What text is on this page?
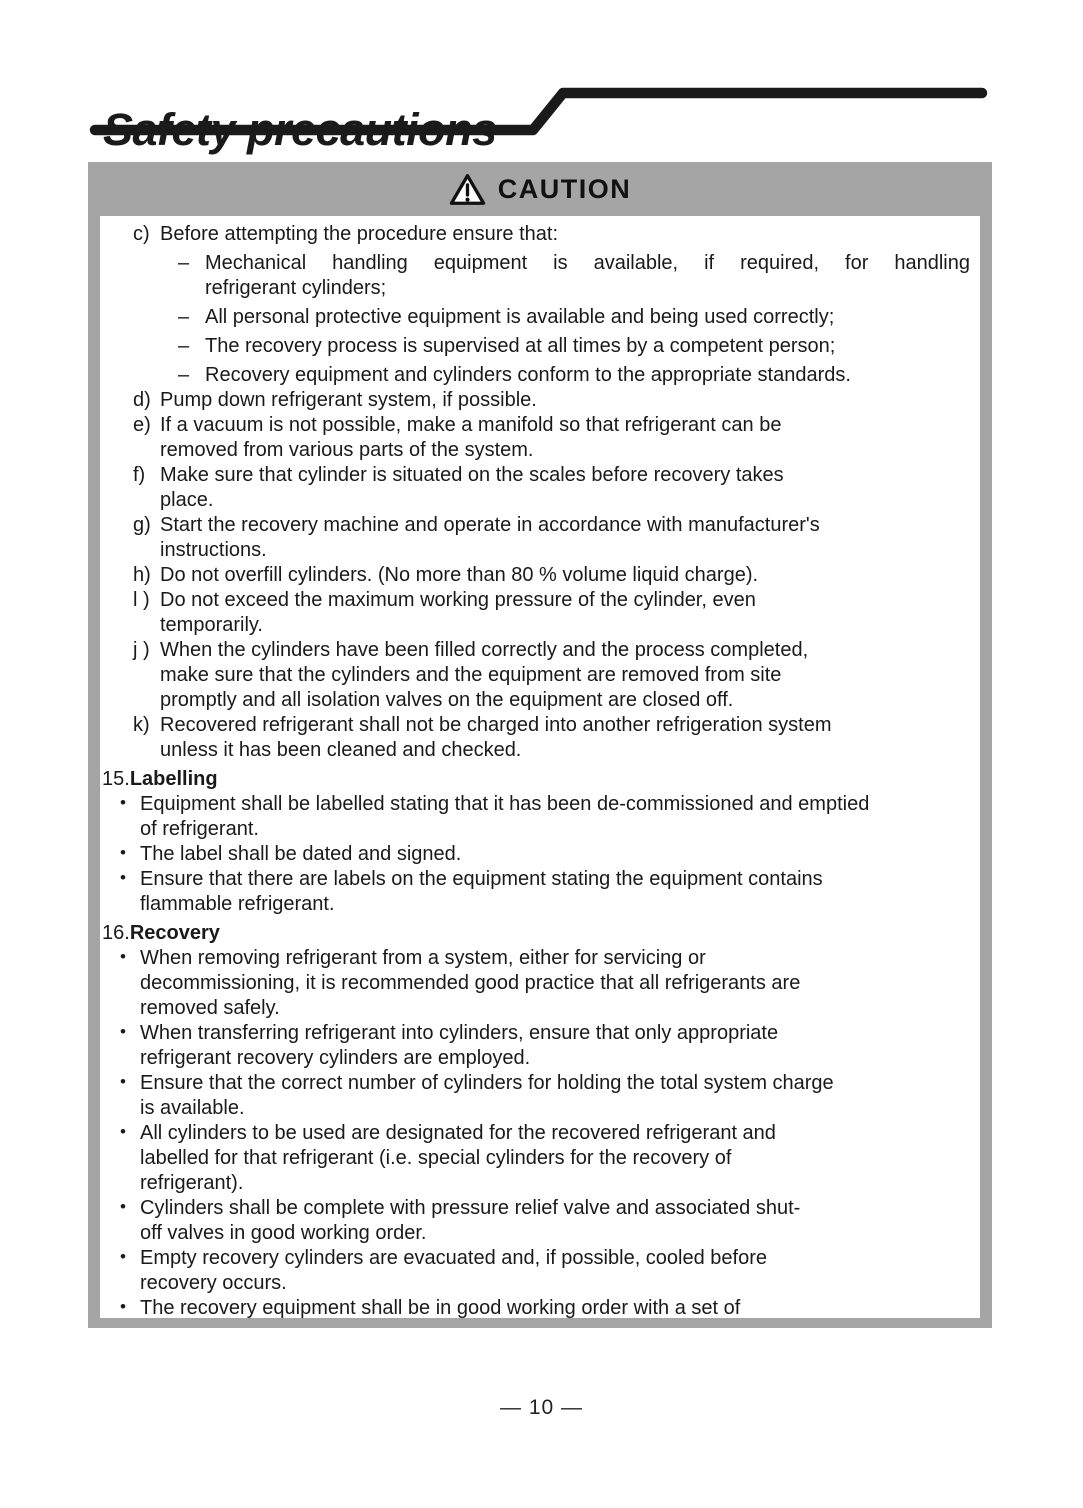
Safety precautions
CAUTION
c) Before attempting the procedure ensure that:
– Mechanical handling equipment is available, if required, for handling
refrigerant cylinders;
– All personal protective equipment is available and being used correctly;
– The recovery process is supervised at all times by a competent person;
– Recovery equipment and cylinders conform to the appropriate standards.
d) Pump down refrigerant system, if possible.
e) If a vacuum is not possible, make a manifold so that refrigerant can be
removed from various parts of the system.
f) Make sure that cylinder is situated on the scales before recovery takes
place.
g) Start the recovery machine and operate in accordance with manufacturer's
instructions.
h) Do not overfill cylinders. (No more than 80 % volume liquid charge).
l ) Do not exceed the maximum working pressure of the cylinder, even
temporarily.
j ) When the cylinders have been filled correctly and the process completed,
make sure that the cylinders and the equipment are removed from site
promptly and all isolation valves on the equipment are closed off.
k) Recovered refrigerant shall not be charged into another refrigeration system
unless it has been cleaned and checked.
15.Labelling
• Equipment shall be labelled stating that it has been de-commissioned and emptied
of refrigerant.
• The label shall be dated and signed.
• Ensure that there are labels on the equipment stating the equipment contains
flammable refrigerant.
16.Recovery
• When removing refrigerant from a system, either for servicing or
decommissioning, it is recommended good practice that all refrigerants are
removed safely.
• When transferring refrigerant into cylinders, ensure that only appropriate
refrigerant recovery cylinders are employed.
• Ensure that the correct number of cylinders for holding the total system charge
is available.
• All cylinders to be used are designated for the recovered refrigerant and
labelled for that refrigerant (i.e. special cylinders for the recovery of
refrigerant).
• Cylinders shall be complete with pressure relief valve and associated shut-
off valves in good working order.
• Empty recovery cylinders are evacuated and, if possible, cooled before
recovery occurs.
• The recovery equipment shall be in good working order with a set of
— 10 —
